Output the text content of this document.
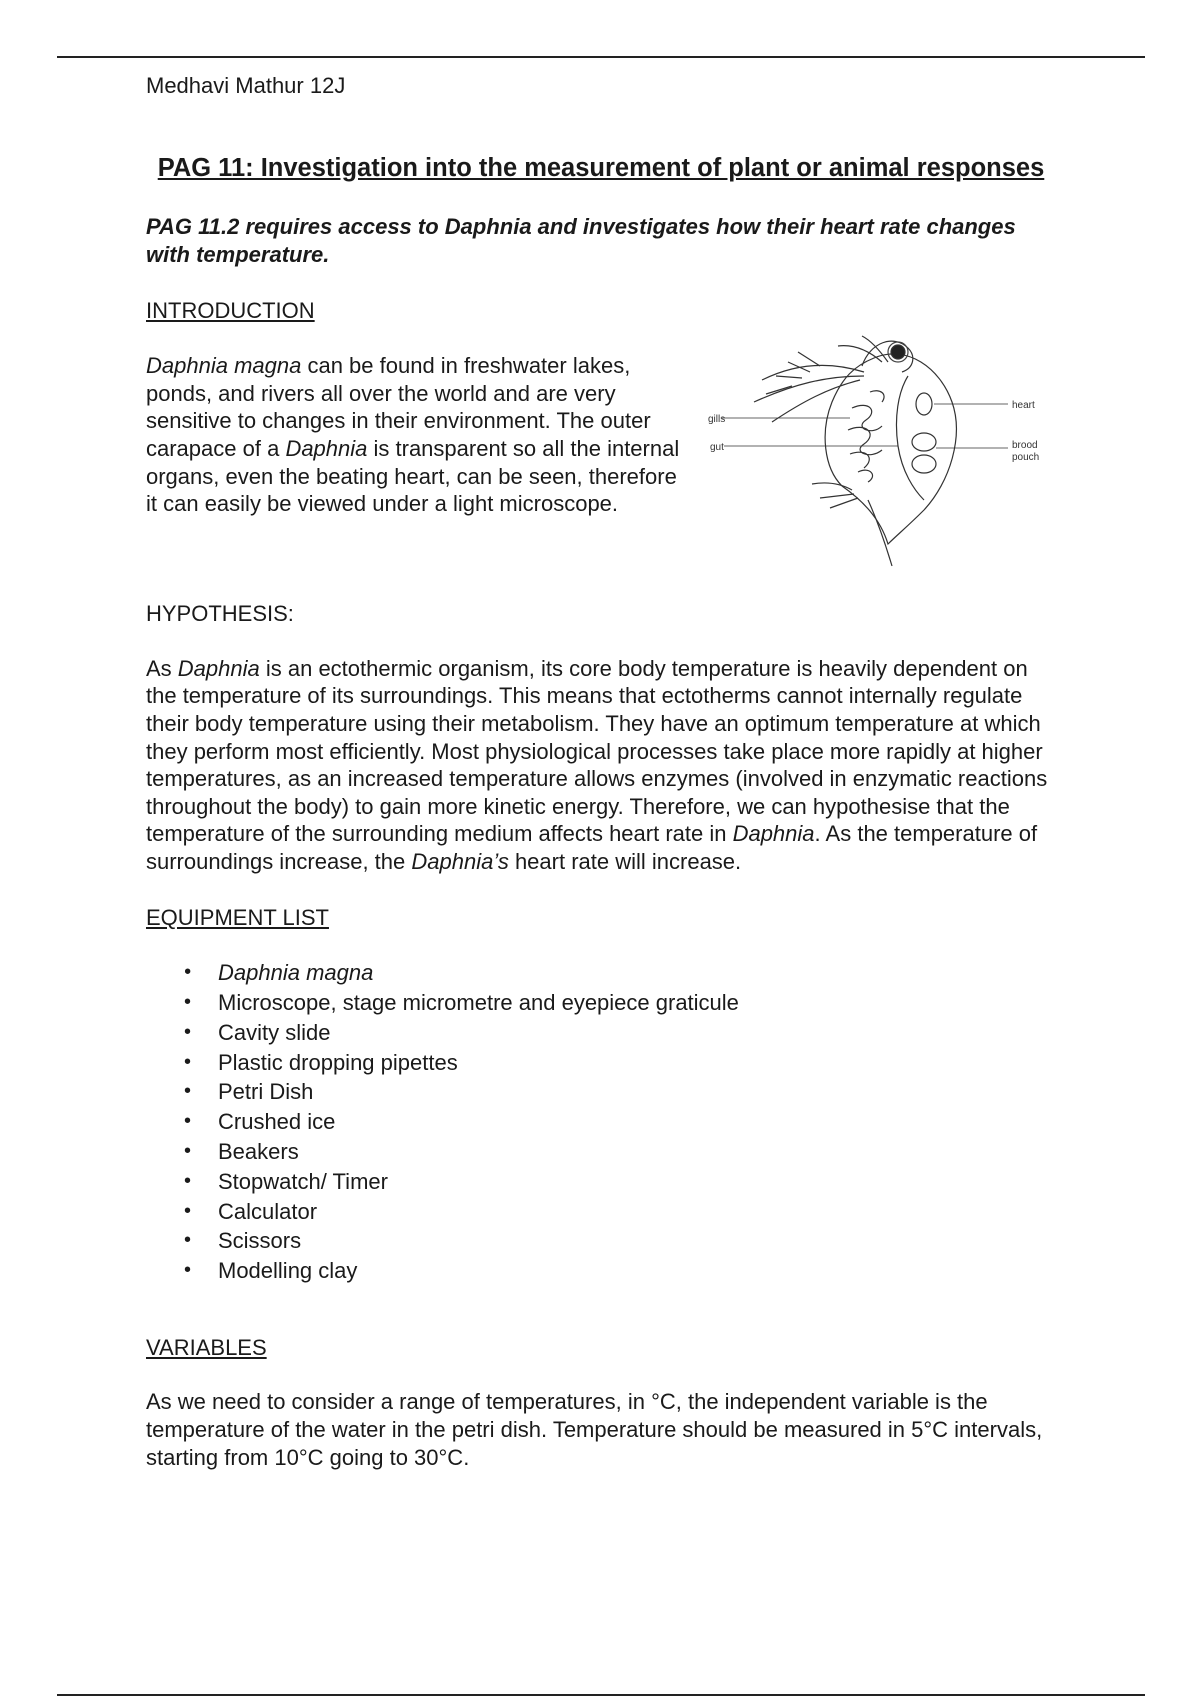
Medhavi Mathur 12J

PAG 11: Investigation into the measurement of plant or animal responses

PAG 11.2 requires access to Daphnia and investigates how their heart rate changes with temperature.

INTRODUCTION

Daphnia magna can be found in freshwater lakes, ponds, and rivers all over the world and are very sensitive to changes in their environment. The outer carapace of a Daphnia is transparent so all the internal organs, even the beating heart, can be seen, therefore it can easily be viewed under a light microscope.

gills
gut
heart
brood
pouch

HYPOTHESIS:

As Daphnia is an ectothermic organism, its core body temperature is heavily dependent on the temperature of its surroundings. This means that ectotherms cannot internally regulate their body temperature using their metabolism. They have an optimum temperature at which they perform most efficiently. Most physiological processes take place more rapidly at higher temperatures, as an increased temperature allows enzymes (involved in enzymatic reactions throughout the body) to gain more kinetic energy. Therefore, we can hypothesise that the temperature of the surrounding medium affects heart rate in Daphnia. As the temperature of surroundings increase, the Daphnia’s heart rate will increase.

EQUIPMENT LIST

• Daphnia magna
• Microscope, stage micrometre and eyepiece graticule
• Cavity slide
• Plastic dropping pipettes
• Petri Dish
• Crushed ice
• Beakers
• Stopwatch/ Timer
• Calculator
• Scissors
• Modelling clay

VARIABLES

As we need to consider a range of temperatures, in °C, the independent variable is the temperature of the water in the petri dish. Temperature should be measured in 5°C intervals, starting from 10°C going to 30°C.
